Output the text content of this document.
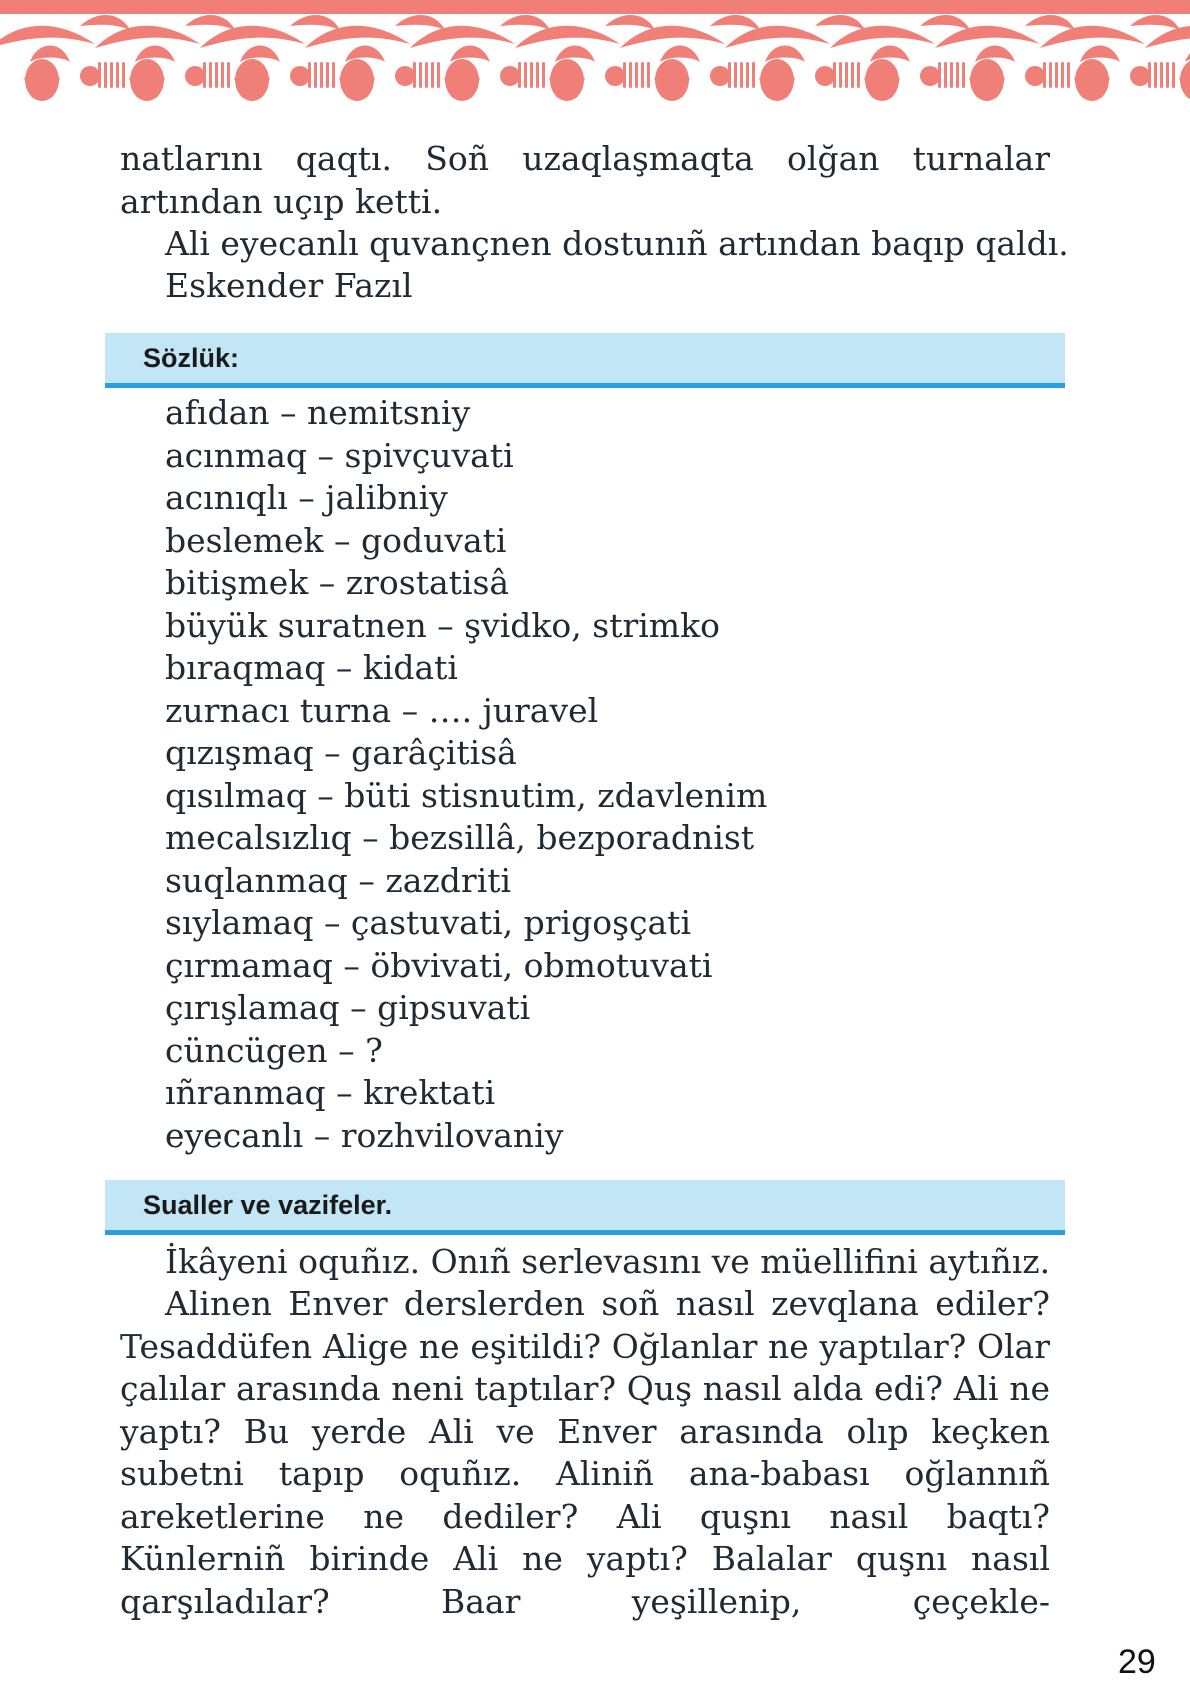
natlarını qaqtı. Soñ uzaqlaşmaqta olğan turnalar artından uçıp ketti.

Ali eyecanlı quvançnen dostunıñ artından baqıp qaldı.
Eskender Fazıl
Sözlük:
afıdan – nemitsniy
acınmaq – spivçuvati
acınıqlı – jalibniy
beslemek – goduvati
bitişmek – zrostatisâ
büyük suratnen – şvidko, strimko
bıraqmaq – kidati
zurnacı turna – …. juravel
qızışmaq – garâçitisâ
qısılmaq – büti stisnutim, zdavlenim
mecalsızlıq – bezsillâ, bezporadnist
suqlanmaq – zazdriti
sıylamaq – çastuvati, prigoşçati
çırmamaq – öbvivati, obmotuvati
çırışlamaq – gipsuvati
cüncügen – ?
ıñranmaq – krektati
eyecanlı – rozhvilovaniy
Sualler ve vazifeler.
İkâyeni oquñız. Onıñ serlevasını ve müellifini aytıñız.

Alinen Enver derslerden soñ nasıl zevqlana ediler? Tesaddüfen Alige ne eşitildi? Oğlanlar ne yaptılar? Olar çalılar arasında neni taptılar? Quş nasıl alda edi? Ali ne yaptı? Bu yerde Ali ve Enver arasında olıp keçken subetni tapıp oquñız. Aliniñ ana-babası oğlannıñ areketlerine ne dediler? Ali quşnı nasıl baqtı? Künlerniñ birinde Ali ne yaptı? Balalar quşnı nasıl qarşıladılar? Baar yeşillenip, çeçekle-

29
